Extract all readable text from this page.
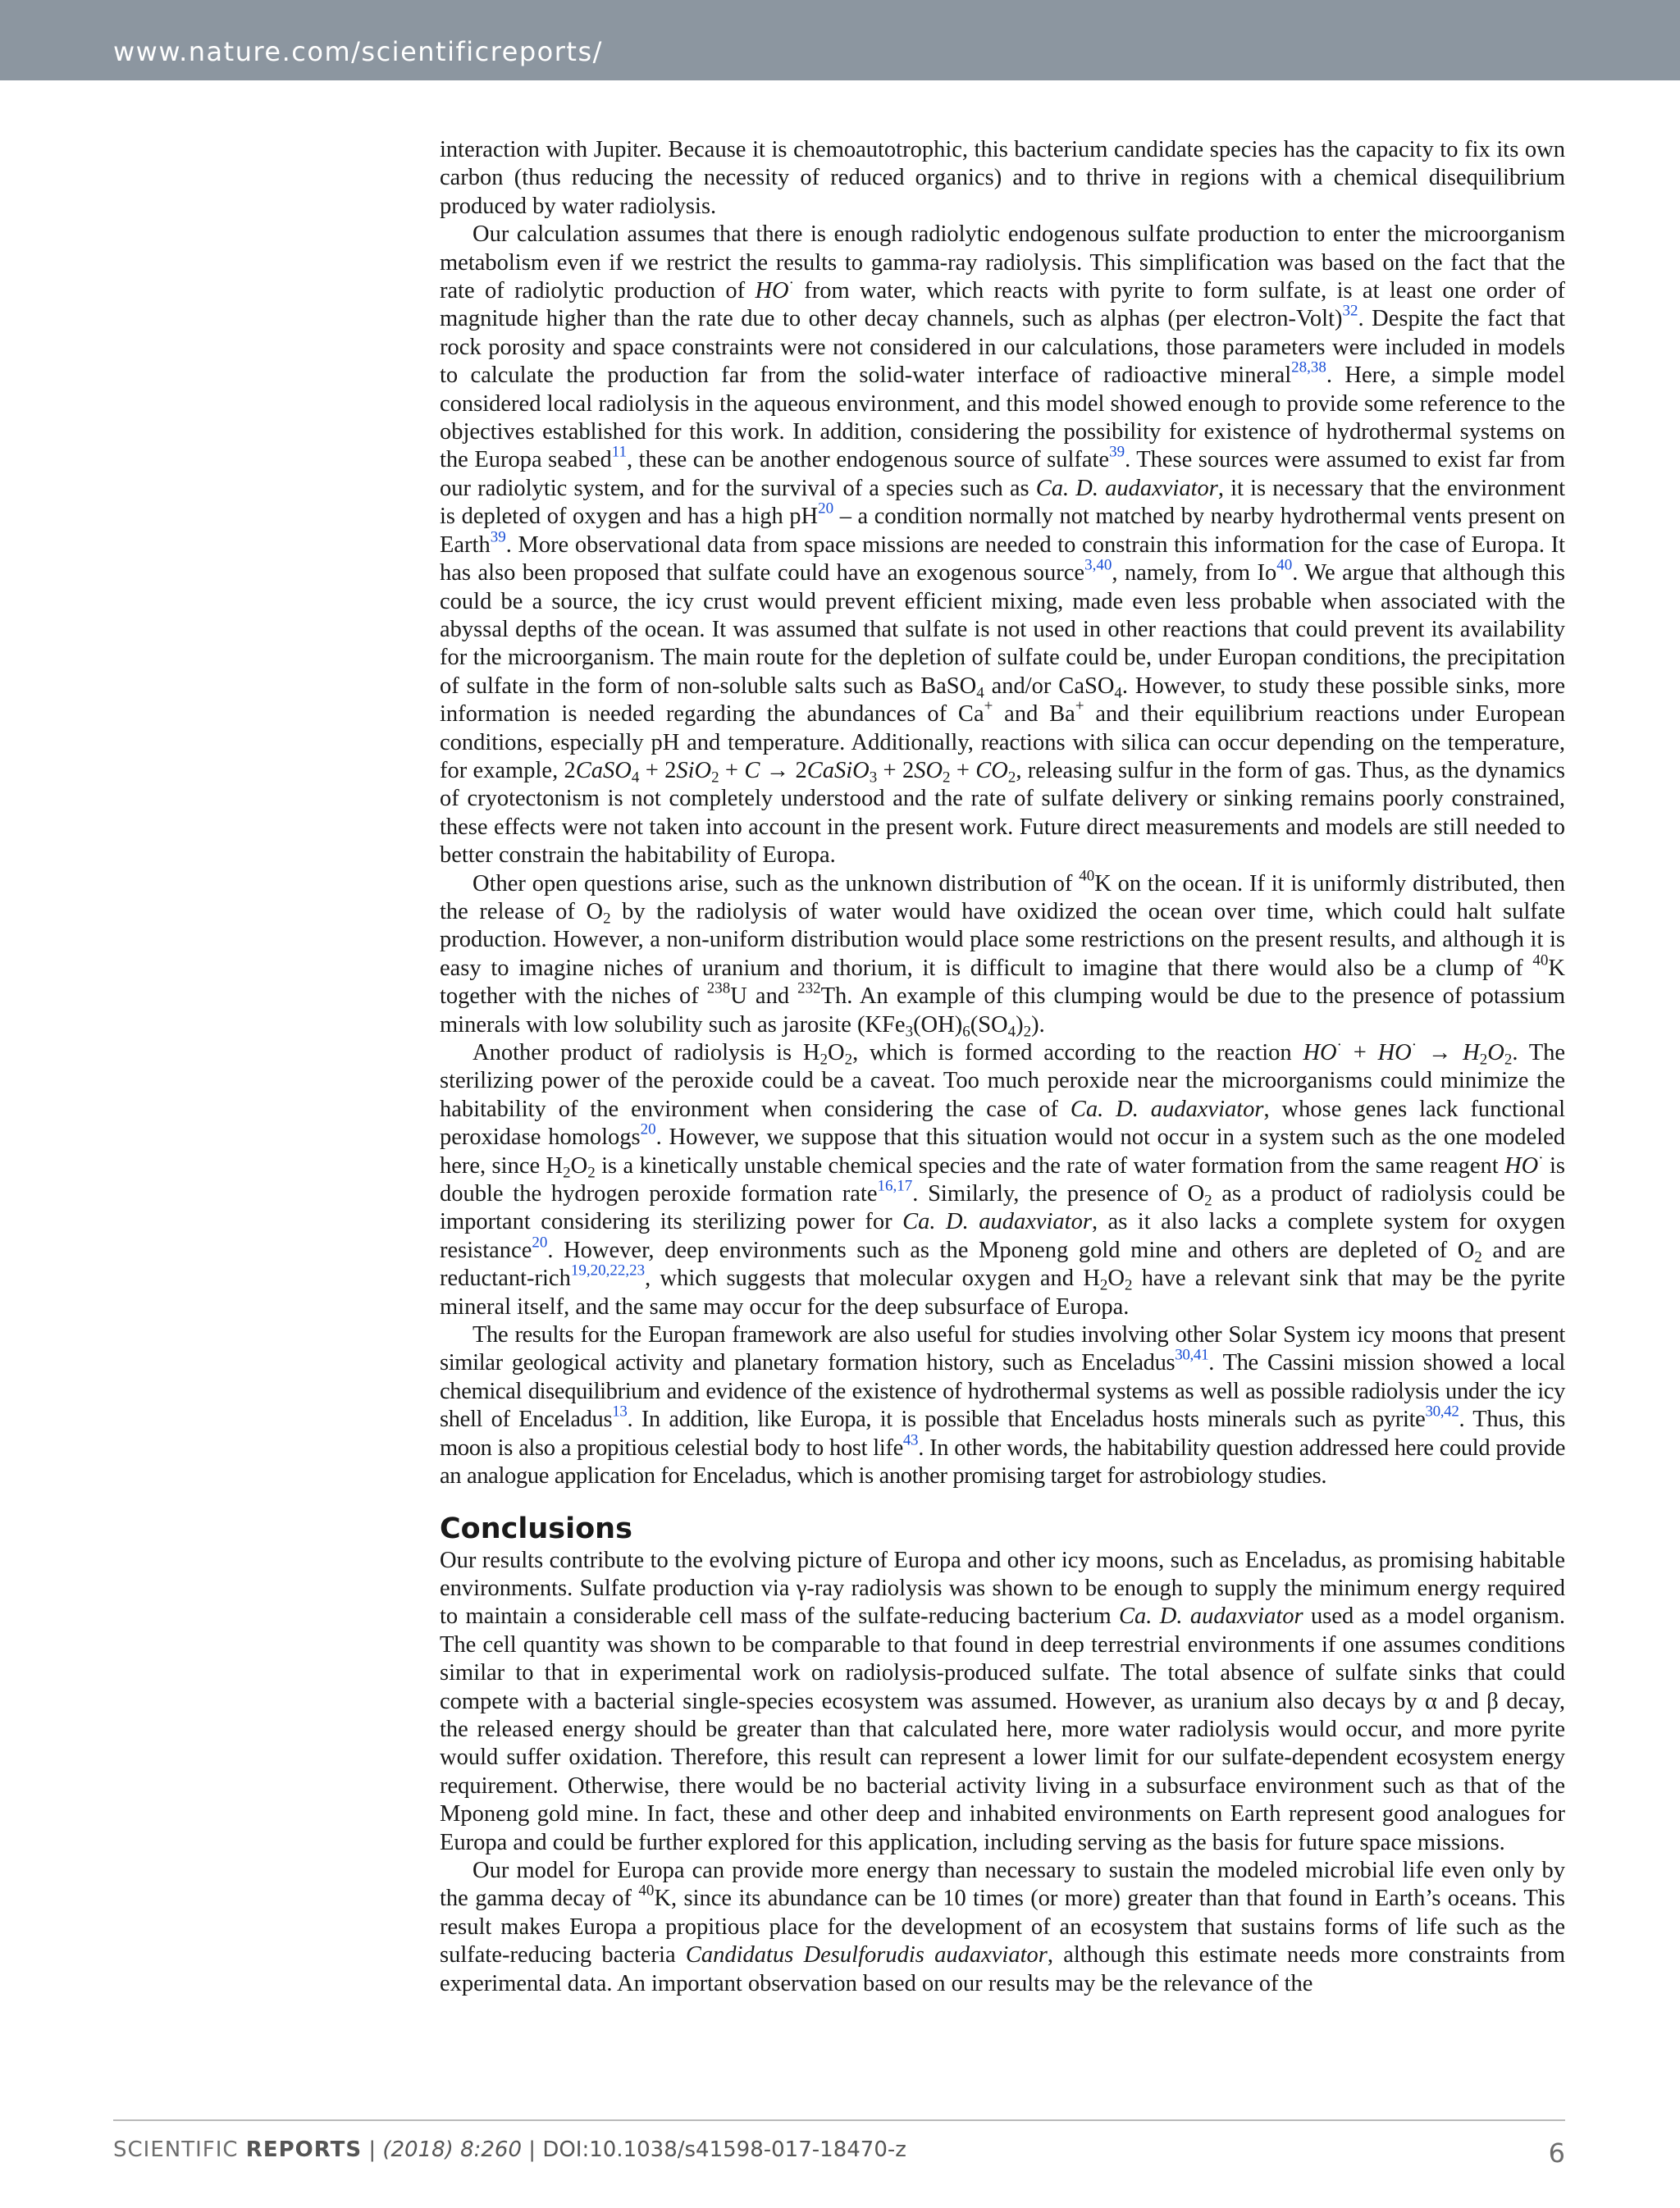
www.nature.com/scientificreports/

interaction with Jupiter. Because it is chemoautotrophic, this bacterium candidate species has the capacity to fix its own carbon (thus reducing the necessity of reduced organics) and to thrive in regions with a chemical disequilibrium produced by water radiolysis.

Our calculation assumes that there is enough radiolytic endogenous sulfate production to enter the microorganism metabolism even if we restrict the results to gamma-ray radiolysis. This simplification was based on the fact that the rate of radiolytic production of HO· from water, which reacts with pyrite to form sulfate, is at least one order of magnitude higher than the rate due to other decay channels, such as alphas (per electron-Volt)$^{32}$. Despite the fact that rock porosity and space constraints were not considered in our calculations, those parameters were included in models to calculate the production far from the solid-water interface of radioactive mineral$^{28,38}$. Here, a simple model considered local radiolysis in the aqueous environment, and this model showed enough to provide some reference to the objectives established for this work. In addition, considering the possibility for existence of hydrothermal systems on the Europa seabed$^{11}$, these can be another endogenous source of sulfate$^{39}$. These sources were assumed to exist far from our radiolytic system, and for the survival of a species such as Ca. D. audaxviator, it is necessary that the environment is depleted of oxygen and has a high pH$^{20}$ – a condition normally not matched by nearby hydrothermal vents present on Earth$^{39}$. More observational data from space missions are needed to constrain this information for the case of Europa. It has also been proposed that sulfate could have an exogenous source$^{3,40}$, namely, from Io$^{40}$. We argue that although this could be a source, the icy crust would prevent efficient mixing, made even less probable when associated with the abyssal depths of the ocean. It was assumed that sulfate is not used in other reactions that could prevent its availability for the microorganism. The main route for the depletion of sulfate could be, under Europan conditions, the precipitation of sulfate in the form of non-soluble salts such as BaSO$_4$ and/or CaSO$_4$. However, to study these possible sinks, more information is needed regarding the abundances of Ca+ and Ba+ and their equilibrium reactions under European conditions, especially pH and temperature. Additionally, reactions with silica can occur depending on the temperature, for example, 2CaSO$_4$ + 2SiO$_2$ + C → 2CaSiO$_3$ + $2SO_2 + CO_2$, releasing sulfur in the form of gas. Thus, as the dynamics of cryotectonism is not completely understood and the rate of sulfate delivery or sinking remains poorly constrained, these effects were not taken into account in the present work. Future direct measurements and models are still needed to better constrain the habitability of Europa.

Other open questions arise, such as the unknown distribution of $^{40}$K on the ocean. If it is uniformly distributed, then the release of $O_2$ by the radiolysis of water would have oxidized the ocean over time, which could halt sulfate production. However, a non-uniform distribution would place some restrictions on the present results, and although it is easy to imagine niches of uranium and thorium, it is difficult to imagine that there would also be a clump of $^{40}$K together with the niches of $^{238}$U and $^{232}$Th. An example of this clumping would be due to the presence of potassium minerals with low solubility such as jarosite $(KFe_3(OH)_6(SO_4)_2)$.

Another product of radiolysis is $H_2O_2$, which is formed according to the reaction $HO^\cdot + HO^\cdot \to H_2O_2$. The sterilizing power of the peroxide could be a caveat. Too much peroxide near the microorganisms could minimize the habitability of the environment when considering the case of Ca. D. audaxviator, whose genes lack functional peroxidase homologs$^{20}$. However, we suppose that this situation would not occur in a system such as the one modeled here, since $H_2O_2$ is a kinetically unstable chemical species and the rate of water formation from the same reagent HO· is double the hydrogen peroxide formation rate$^{16,17}$. Similarly, the presence of $O_2$ as a product of radiolysis could be important considering its sterilizing power for Ca. D. audaxviator, as it also lacks a complete system for oxygen resistance$^{20}$. However, deep environments such as the Mponeng gold mine and others are depleted of $O_2$ and are reductant-rich$^{19,20,22,23}$, which suggests that molecular oxygen and $H_2O_2$ have a relevant sink that may be the pyrite mineral itself, and the same may occur for the deep subsurface of Europa.

The results for the Europan framework are also useful for studies involving other Solar System icy moons that present similar geological activity and planetary formation history, such as Enceladus$^{30,41}$. The Cassini mission showed a local chemical disequilibrium and evidence of the existence of hydrothermal systems as well as possible radiolysis under the icy shell of Enceladus$^{13}$. In addition, like Europa, it is possible that Enceladus hosts minerals such as pyrite$^{30,42}$. Thus, this moon is also a propitious celestial body to host life$^{43}$. In other words, the habitability question addressed here could provide an analogue application for Enceladus, which is another promising target for astrobiology studies.

Conclusions

Our results contribute to the evolving picture of Europa and other icy moons, such as Enceladus, as promising habitable environments. Sulfate production via γ-ray radiolysis was shown to be enough to supply the minimum energy required to maintain a considerable cell mass of the sulfate-reducing bacterium Ca. D. audaxviator used as a model organism. The cell quantity was shown to be comparable to that found in deep terrestrial environments if one assumes conditions similar to that in experimental work on radiolysis-produced sulfate. The total absence of sulfate sinks that could compete with a bacterial single-species ecosystem was assumed. However, as uranium also decays by α and β decay, the released energy should be greater than that calculated here, more water radiolysis would occur, and more pyrite would suffer oxidation. Therefore, this result can represent a lower limit for our sulfate-dependent ecosystem energy requirement. Otherwise, there would be no bacterial activity living in a subsurface environment such as that of the Mponeng gold mine. In fact, these and other deep and inhabited environments on Earth represent good analogues for Europa and could be further explored for this application, including serving as the basis for future space missions.

Our model for Europa can provide more energy than necessary to sustain the modeled microbial life even only by the gamma decay of $^{40}$K, since its abundance can be 10 times (or more) greater than that found in Earth’s oceans. This result makes Europa a propitious place for the development of an ecosystem that sustains forms of life such as the sulfate-reducing bacteria Candidatus Desulforudis audaxviator, although this estimate needs more constraints from experimental data. An important observation based on our results may be the relevance of the

SCIENTIFIC REPORTS | (2018) 8:260 | DOI:10.1038/s41598-017-18470-z	6
